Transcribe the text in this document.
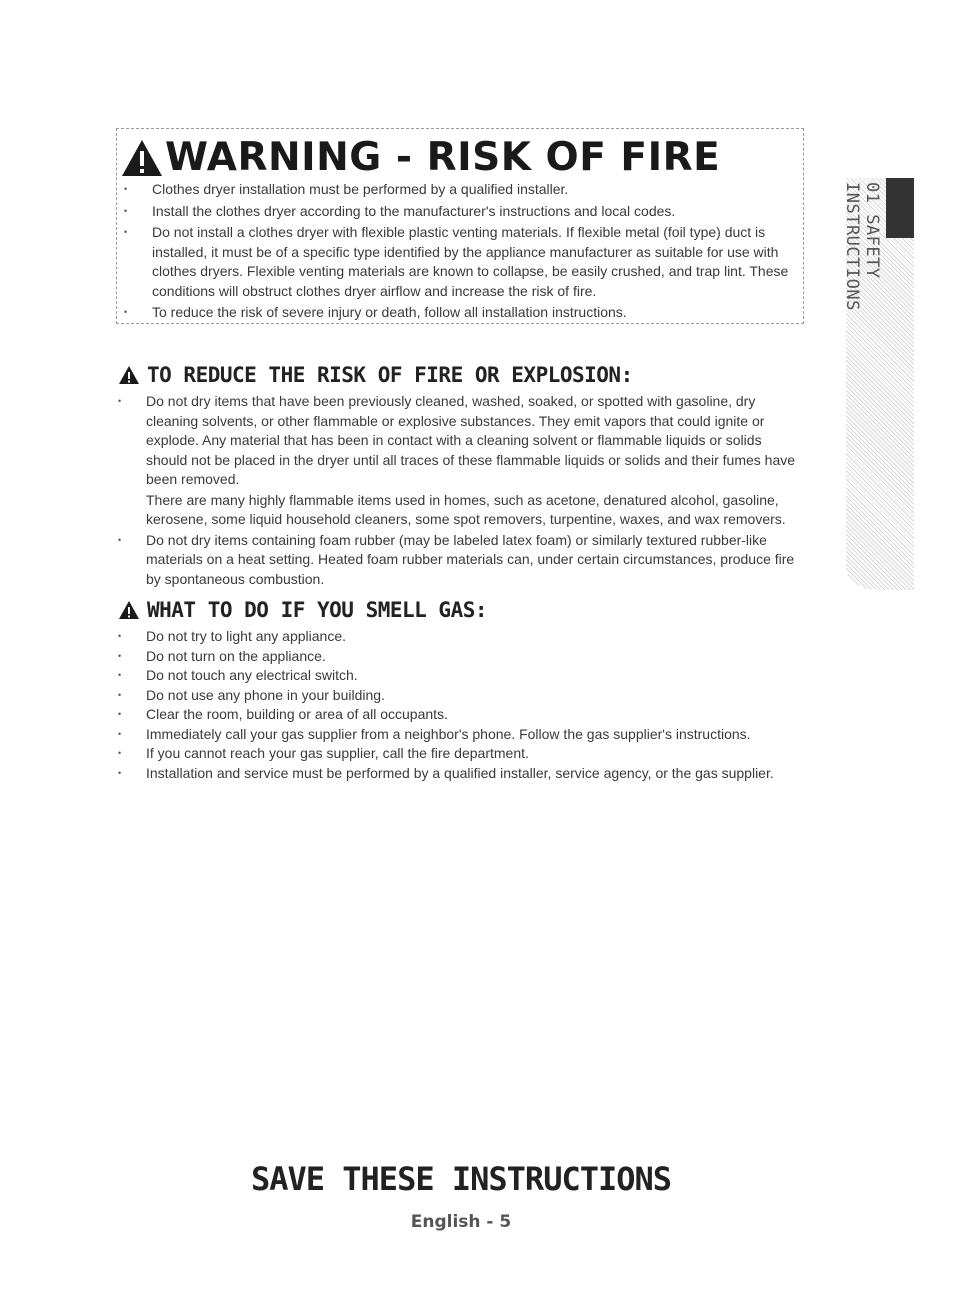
WARNING - RISK OF FIRE
• Clothes dryer installation must be performed by a qualified installer.
• Install the clothes dryer according to the manufacturer's instructions and local codes.
• Do not install a clothes dryer with flexible plastic venting materials. If flexible metal (foil type) duct is installed, it must be of a specific type identified by the appliance manufacturer as suitable for use with clothes dryers. Flexible venting materials are known to collapse, be easily crushed, and trap lint. These conditions will obstruct clothes dryer airflow and increase the risk of fire.
• To reduce the risk of severe injury or death, follow all installation instructions.
TO REDUCE THE RISK OF FIRE OR EXPLOSION:
• Do not dry items that have been previously cleaned, washed, soaked, or spotted with gasoline, dry cleaning solvents, or other flammable or explosive substances. They emit vapors that could ignite or explode. Any material that has been in contact with a cleaning solvent or flammable liquids or solids should not be placed in the dryer until all traces of these flammable liquids or solids and their fumes have been removed.
There are many highly flammable items used in homes, such as acetone, denatured alcohol, gasoline, kerosene, some liquid household cleaners, some spot removers, turpentine, waxes, and wax removers.
• Do not dry items containing foam rubber (may be labeled latex foam) or similarly textured rubber-like materials on a heat setting. Heated foam rubber materials can, under certain circumstances, produce fire by spontaneous combustion.
WHAT TO DO IF YOU SMELL GAS:
• Do not try to light any appliance.
• Do not turn on the appliance.
• Do not touch any electrical switch.
• Do not use any phone in your building.
• Clear the room, building or area of all occupants.
• Immediately call your gas supplier from a neighbor's phone. Follow the gas supplier's instructions.
• If you cannot reach your gas supplier, call the fire department.
• Installation and service must be performed by a qualified installer, service agency, or the gas supplier.
01 SAFETY INSTRUCTIONS
SAVE THESE INSTRUCTIONS
English - 5
